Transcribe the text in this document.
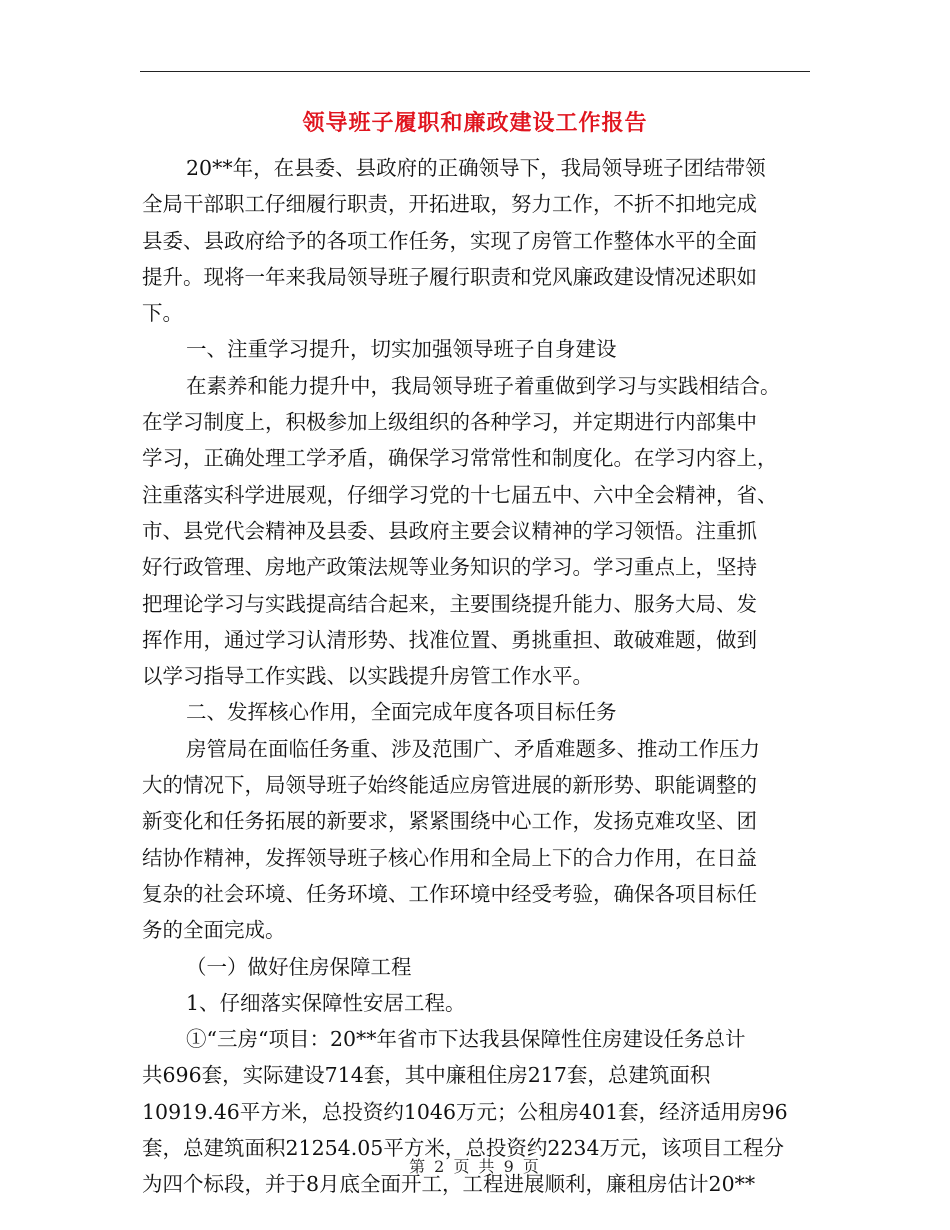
领导班子履职和廉政建设工作报告
20**年，在县委、县政府的正确领导下，我局领导班子团结带领
全局干部职工仔细履行职责，开拓进取，努力工作，不折不扣地完成
县委、县政府给予的各项工作任务，实现了房管工作整体水平的全面
提升。现将一年来我局领导班子履行职责和党风廉政建设情况述职如
下。
一、注重学习提升，切实加强领导班子自身建设
在素养和能力提升中，我局领导班子着重做到学习与实践相结合。
在学习制度上，积极参加上级组织的各种学习，并定期进行内部集中
学习，正确处理工学矛盾，确保学习常常性和制度化。在学习内容上，
注重落实科学进展观，仔细学习党的十七届五中、六中全会精神，省、
市、县党代会精神及县委、县政府主要会议精神的学习领悟。注重抓
好行政管理、房地产政策法规等业务知识的学习。学习重点上，坚持
把理论学习与实践提高结合起来，主要围绕提升能力、服务大局、发
挥作用，通过学习认清形势、找准位置、勇挑重担、敢破难题，做到
以学习指导工作实践、以实践提升房管工作水平。
二、发挥核心作用，全面完成年度各项目标任务
房管局在面临任务重、涉及范围广、矛盾难题多、推动工作压力
大的情况下，局领导班子始终能适应房管进展的新形势、职能调整的
新变化和任务拓展的新要求，紧紧围绕中心工作，发扬克难攻坚、团
结协作精神，发挥领导班子核心作用和全局上下的合力作用，在日益
复杂的社会环境、任务环境、工作环境中经受考验，确保各项目标任
务的全面完成。
（一）做好住房保障工程
1、仔细落实保障性安居工程。
①“三房“项目：20**年省市下达我县保障性住房建设任务总计
共696套，实际建设714套，其中廉租住房217套，总建筑面积
10919.46平方米，总投资约1046万元；公租房401套，经济适用房96
套，总建筑面积21254.05平方米，总投资约2234万元，该项目工程分
为四个标段，并于8月底全面开工，工程进展顺利，廉租房估计20**
第 2 页 共 9 页
